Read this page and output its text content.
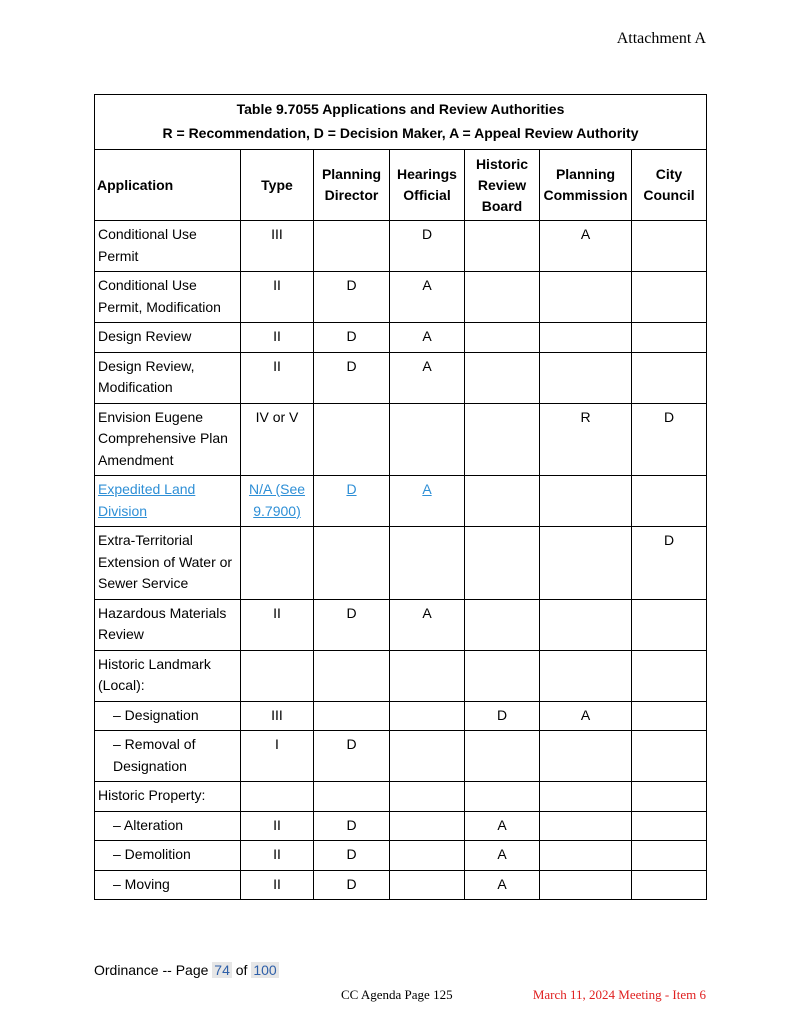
Attachment A
Table 9.7055 Applications and Review Authorities
R = Recommendation, D = Decision Maker, A = Appeal Review Authority						

Application	Type	Planning Director	Hearings Official	Historic Review Board	Planning Commission	City Council
Conditional Use Permit	III		D		A	
Conditional Use Permit, Modification	II	D	A			
Design Review	II	D	A			
Design Review, Modification	II	D	A			
Envision Eugene Comprehensive Plan Amendment	IV or V				R	D
Expedited Land Division	N/A (See 9.7900)	D	A			
Extra-Territorial Extension of Water or Sewer Service						D
Hazardous Materials Review	II	D	A			
Historic Landmark (Local):						
– Designation	III			D	A	
– Removal of Designation	I	D				
Historic Property:						
– Alteration	II	D		A		
– Demolition	II	D		A		
– Moving	II	D		A		
Ordinance -- Page 74 of 100
CC Agenda Page 125	March 11, 2024 Meeting - Item 6
